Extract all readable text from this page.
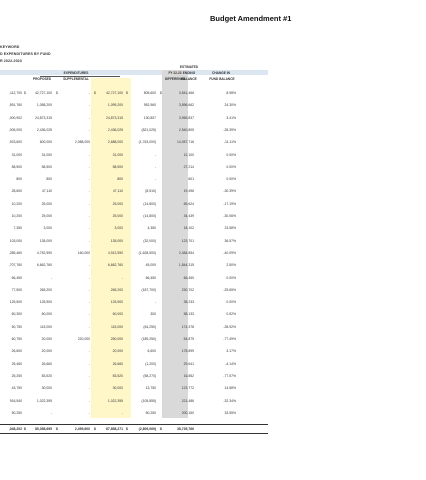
Budget Amendment #1
KEYWORD
D EXPENDITURES BY FUND
R 2022-2023
EXPENDITURES
PROPOSED	SUPPLEMENTAL
FY 22-23
DIFFERENCE
ESTIMATED
ENDING
BALANCE
CHANGE IN
FUND BALANCE
,112,700	42,727,100	-	42,727,100	805,600	3,541,466	8.98%
$	$	$	$	$
,591,760	1,058,200	-	1,099,200	952,960	3,896,662	24.30%
,000,902	24,873,315	-	24,873,315	130,807	3,969,837	3.41%
,005,000	2,436,025	-	2,436,025	(821,025)	2,540,805	-28.39%
,923,600	600,000	2,088,000	2,688,000	(1,763,000)	14,057,716	-11.11%
31,000	31,000	-	31,000	-	12,100	0.00%
58,500	58,500	-	58,500	-	27,214	0.00%
800	800	-	800	-	601	0.00%
28,600	47,110	-	47,110	(8,510)	19,496	-30.39%
10,200	25,000	-	25,000	(14,800)	69,624	-17.19%
10,200	25,000	-	25,000	(14,800)	34,439	-30.06%
7,350	3,000	-	3,000	4,350	18,102	23.58%
103,000	135,000	-	135,000	(32,000)	123,701	36.57%
,285,460	4,752,590	160,000	4,912,590	(1,628,500)	2,484,854	-40.09%
,707,760	6,662,760	-	6,662,760	45,000	1,844,315	2.50%
66,450	-	-	-	66,450	66,450	0.00%
77,500	265,200	-	265,200	(187,700)	230,702	-25.65%
125,500	125,500	-	125,500	-	35,233	0.00%
60,300	60,000	-	60,000	300	58,133	0.52%
50,750	115,000	-	115,000	(64,250)	174,378	-28.92%
60,750	20,000	220,000	250,000	(189,250)	54,879	-77.49%
26,600	20,000	-	20,000	6,600	178,899	3.17%
25,460	26,660	-	26,660	(1,200)	29,641	-4.14%
25,250	83,520	-	83,520	(58,270)	16,852	-77.57%
43,750	30,000	-	30,000	13,750	123,772	14.58%
916,540	1,022,395	-	1,022,395	(105,855)	221,486	-32.34%
50,250	-	-	-	50,250	200,150	33.55%
,048,202	85,358,695	2,499,600	87,858,271	(2,809,069)	38,735,766
$	$	$	$	$
